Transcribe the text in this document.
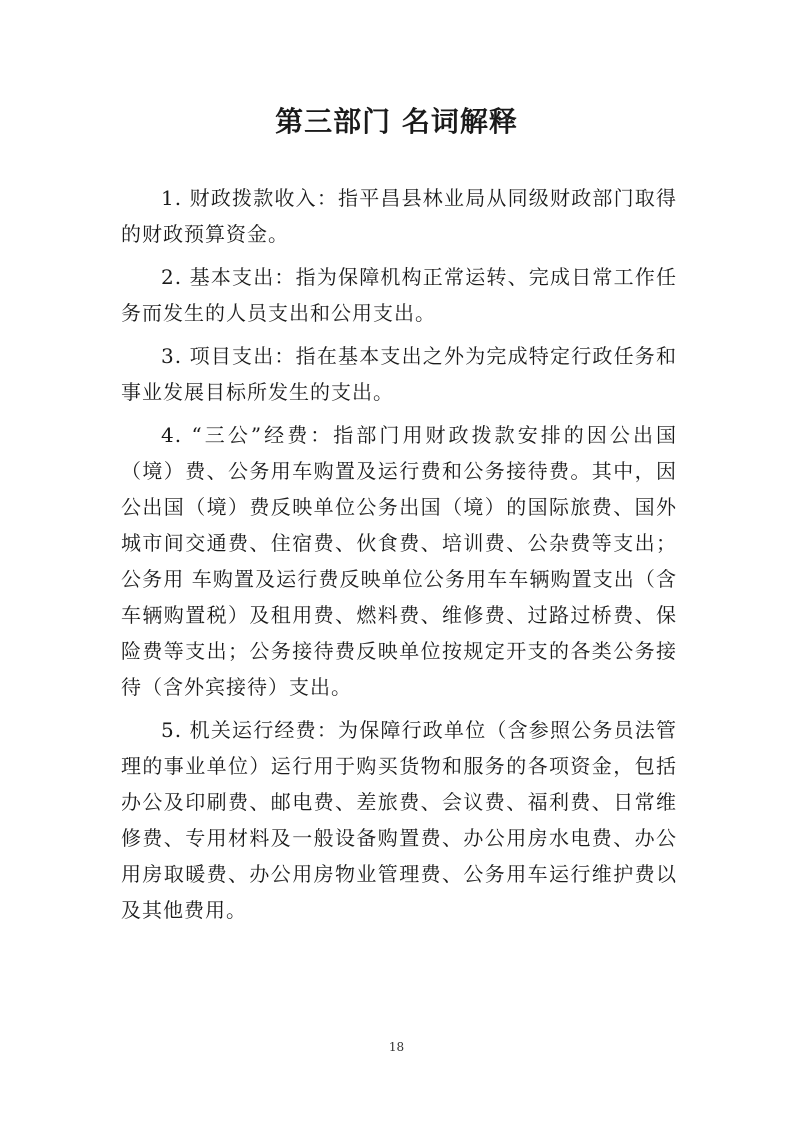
第三部门 名词解释

1. 财政拨款收入：指平昌县林业局从同级财政部门取得的财政预算资金。

2. 基本支出：指为保障机构正常运转、完成日常工作任务而发生的人员支出和公用支出。

3. 项目支出：指在基本支出之外为完成特定行政任务和事业发展目标所发生的支出。

4. “三公”经费：指部门用财政拨款安排的因公出国（境）费、公务用车购置及运行费和公务接待费。其中，因公出国（境）费反映单位公务出国（境）的国际旅费、国外城市间交通费、住宿费、伙食费、培训费、公杂费等支出；公务用 车购置及运行费反映单位公务用车车辆购置支出（含车辆购置税）及租用费、燃料费、维修费、过路过桥费、保险费等支出；公务接待费反映单位按规定开支的各类公务接待（含外宾接待）支出。

5. 机关运行经费：为保障行政单位（含参照公务员法管理的事业单位）运行用于购买货物和服务的各项资金，包括办公及印刷费、邮电费、差旅费、会议费、福利费、日常维 修费、专用材料及一般设备购置费、办公用房水电费、办公用房取暖费、办公用房物业管理费、公务用车运行维护费以及其他费用。

18
